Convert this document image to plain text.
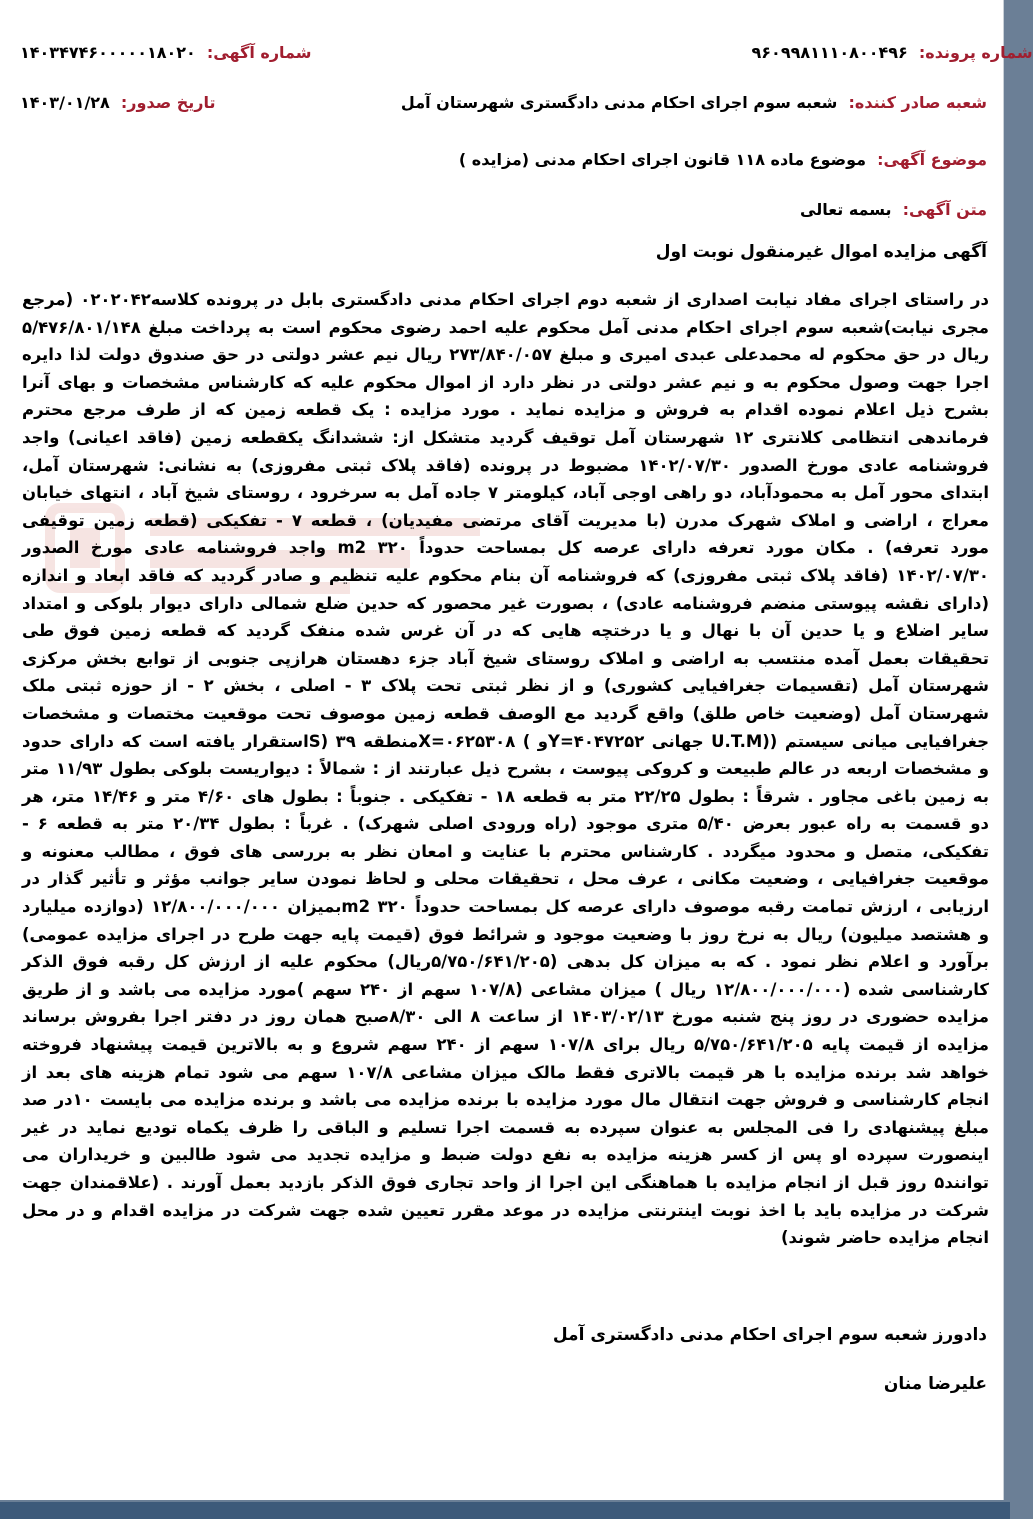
شماره آگهی: ۱۴۰۳۴۷۴۶۰۰۰۰۰۱۸۰۲۰	شماره پرونده: ۹۶۰۹۹۸۱۱۱۰۸۰۰۴۹۶
تاریخ صدور: ۱۴۰۳/۰۱/۲۸	شعبه صادر کننده: شعبه سوم اجرای احکام مدنی دادگستری شهرستان آمل
موضوع آگهی: موضوع ماده ۱۱۸ قانون اجرای احکام مدنی (مزایده )
متن آگهی: بسمه تعالی
آگهی مزایده اموال غیرمنقول نوبت اول
در راستای اجرای مفاد نیابت اصداری از شعبه دوم اجرای احکام مدنی دادگستری بابل در پرونده کلاسه۰۲۰۲۰۴۲ (مرجع مجری نیابت)شعبه سوم اجرای احکام مدنی آمل محکوم علیه احمد رضوی محکوم است به پرداخت مبلغ ۵/۴۷۶/۸۰۱/۱۴۸ ریال در حق محکوم له محمدعلی عبدی امیری و مبلغ ۲۷۳/۸۴۰/۰۵۷ ریال نیم عشر دولتی در حق صندوق دولت لذا دایره اجرا جهت وصول محکوم به و نیم عشر دولتی در نظر دارد از اموال محکوم علیه که کارشناس مشخصات و بهای آنرا بشرح ذیل اعلام نموده اقدام به فروش و مزایده نماید . مورد مزایده : یک قطعه زمین که از طرف مرجع محترم فرماندهی انتظامی کلانتری ۱۲ شهرستان آمل توقیف گردید متشکل از: ششدانگ یکقطعه زمین (فاقد اعیانی) واجد فروشنامه عادی مورخ الصدور ۱۴۰۲/۰۷/۳۰ مضبوط در پرونده (فاقد پلاک ثبتی مفروزی) به نشانی: شهرستان آمل، ابتدای محور آمل به محمودآباد، دو راهی اوجی آباد، کیلومتر ۷ جاده آمل به سرخرود ، روستای شیخ آباد ، انتهای خیابان معراج ، اراضی و املاک شهرک مدرن (با مدیریت آقای مرتضی مفیدیان) ، قطعه ۷ - تفکیکی (قطعه زمین توقیفی مورد تعرفه) . مکان مورد تعرفه دارای عرصه کل بمساحت حدوداً ۳۲۰ m2 واجد فروشنامه عادی مورخ الصدور ۱۴۰۲/۰۷/۳۰ (فاقد پلاک ثبتی مفروزی) که فروشنامه آن بنام محکوم علیه تنظیم و صادر گردید که فاقد ابعاد و اندازه (دارای نقشه پیوستی منضم فروشنامه عادی) ، بصورت غیر محصور که حدین ضلع شمالی دارای دیوار بلوکی و امتداد سایر اضلاع و یا حدین آن با نهال و یا درختچه هایی که در آن غرس شده منفک گردید که قطعه زمین فوق طی تحقیقات بعمل آمده منتسب به اراضی و املاک روستای شیخ آباد جزء دهستان هرازپی جنوبی از توابع بخش مرکزی شهرستان آمل (تقسیمات جغرافیایی کشوری) و از نظر ثبتی تحت پلاک ۳ - اصلی ، بخش ۲ - از حوزه ثبتی ملک شهرستان آمل (وضعیت خاص طلق) واقع گردید مع الوصف قطعه زمین موصوف تحت موقعیت مختصات و مشخصات جغرافیایی میانی سیستم ((U.T.M جهانی Y=۴۰۴۷۲۵۲و ) X=۰۶۲۵۳۰۸منطقه ۳۹ (Sاستقرار یافته است که دارای حدود و مشخصات اربعه در عالم طبیعت و کروکی پیوست ، بشرح ذیل عبارتند از : شمالاً : دیواریست بلوکی بطول ۱۱/۹۳ متر به زمین باغی مجاور . شرقاً : بطول ۲۲/۲۵ متر به قطعه ۱۸ - تفکیکی . جنوباً : بطول های ۴/۶۰ متر و ۱۴/۴۶ متر، هر دو قسمت به راه عبور بعرض ۵/۴۰ متری موجود (راه ورودی اصلی شهرک) . غرباً : بطول ۲۰/۳۴ متر به قطعه ۶ - تفکیکی، متصل و محدود میگردد . کارشناس محترم با عنایت و امعان نظر به بررسی های فوق ، مطالب معنونه و موقعیت جغرافیایی ، وضعیت مکانی ، عرف محل ، تحقیقات محلی و لحاظ نمودن سایر جوانب مؤثر و تأثیر گذار در ارزیابی ، ارزش تمامت رقبه موصوف دارای عرصه کل بمساحت حدوداً ۳۲۰ m2بمیزان ۱۲/۸۰۰/۰۰۰/۰۰۰ (دوازده میلیارد و هشتصد میلیون) ریال به نرخ روز با وضعیت موجود و شرائط فوق (قیمت پایه جهت طرح در اجرای مزایده عمومی) برآورد و اعلام نظر نمود . که به میزان کل بدهی (۵/۷۵۰/۶۴۱/۲۰۵ریال) محکوم علیه از ارزش کل رقبه فوق الذکر کارشناسی شده (۱۲/۸۰۰/۰۰۰/۰۰۰ ریال ) میزان مشاعی (۱۰۷/۸ سهم از ۲۴۰ سهم )مورد مزایده می باشد و از طریق مزایده حضوری در روز پنج شنبه مورخ ۱۴۰۳/۰۲/۱۳ از ساعت ۸ الی ۸/۳۰صبح همان روز در دفتر اجرا بفروش برساند مزایده از قیمت پایه ۵/۷۵۰/۶۴۱/۲۰۵ ریال برای ۱۰۷/۸ سهم از ۲۴۰ سهم شروع و به بالاترین قیمت پیشنهاد فروخته خواهد شد برنده مزایده با هر قیمت بالاتری فقط مالک میزان مشاعی ۱۰۷/۸ سهم می شود تمام هزینه های بعد از انجام کارشناسی و فروش جهت انتقال مال مورد مزایده با برنده مزایده می باشد و برنده مزایده می بایست ۱۰در صد مبلغ پیشنهادی را فی المجلس به عنوان سپرده به قسمت اجرا تسلیم و الباقی را ظرف یکماه تودیع نماید در غیر اینصورت سپرده او پس از کسر هزینه مزایده به نفع دولت ضبط و مزایده تجدید می شود طالبین و خریداران می توانند۵ روز قبل از انجام مزایده با هماهنگی این اجرا از واحد تجاری فوق الذکر بازدید بعمل آورند . (علاقمندان جهت شرکت در مزایده باید با اخذ نوبت اینترنتی مزایده در موعد مقرر تعیین شده جهت شرکت در مزایده اقدام و در محل انجام مزایده حاضر شوند)
دادورز شعبه سوم اجرای احکام مدنی دادگستری آمل
علیرضا منان
